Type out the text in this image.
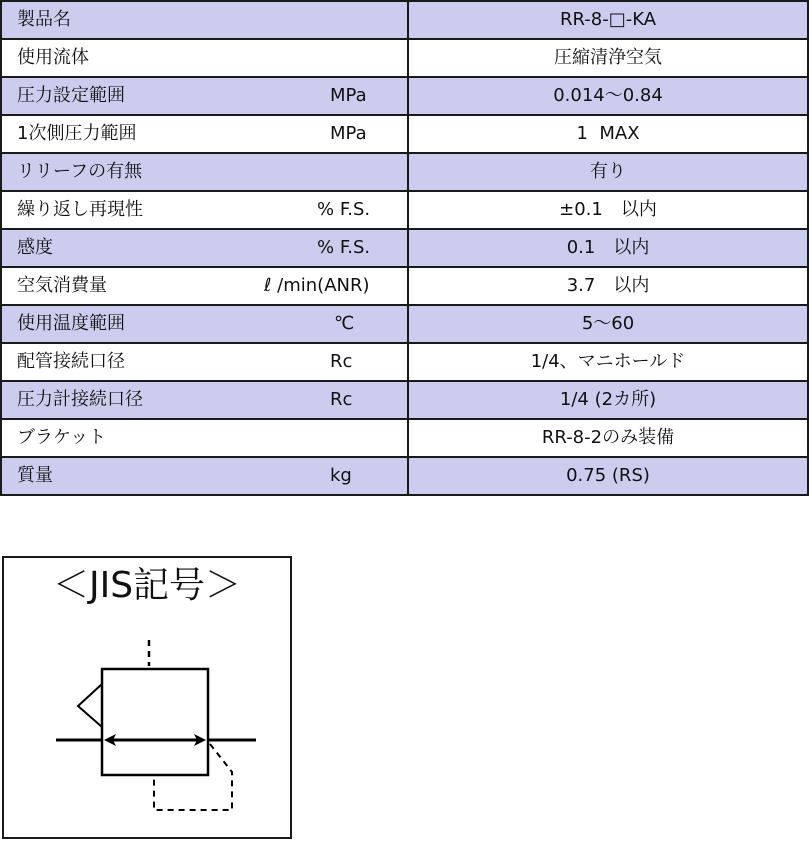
製品名	RR-8-□-KA

使用流体	圧縮清浄空気

圧力設定範囲 MPa	0.014～0.84

1次側圧力範囲 MPa	1  MAX

リリーフの有無	有り

繰り返し再現性 % F.S.	±0.1　以内

感度 % F.S.	0.1　以内

空気消費量 ℓ /min(ANR)	3.7　以内

使用温度範囲 ℃	5～60

配管接続口径 Rc	1/4、マニホールド

圧力計接続口径 Rc	1/4 (2カ所)

ブラケット	RR-8-2のみ装備

質量 kg	0.75 (RS)
＜JIS記号＞
